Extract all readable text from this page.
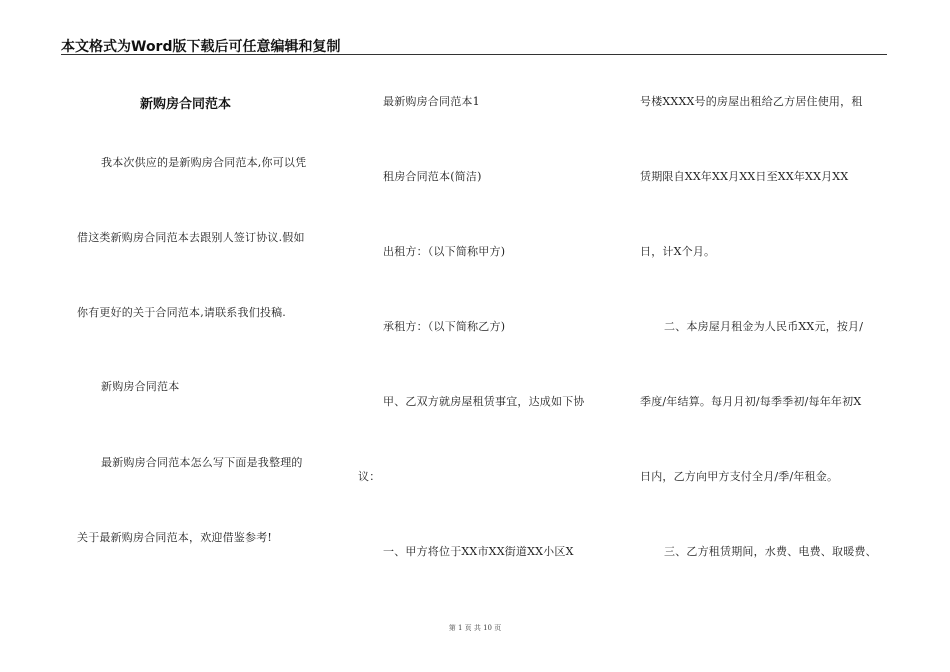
本文格式为Word版下载后可任意编辑和复制
新购房合同范本
我本次供应的是新购房合同范本,你可以凭
借这类新购房合同范本去跟别人签订协议.假如
你有更好的关于合同范本,请联系我们投稿.
新购房合同范本
最新购房合同范本怎么写下面是我整理的
关于最新购房合同范本，欢迎借鉴参考!
最新购房合同范本1
租房合同范本(简洁)
出租方：（以下简称甲方)
承租方：（以下简称乙方)
甲、乙双方就房屋租赁事宜，达成如下协
议：
一、甲方将位于XX市XX街道XX小区X
号楼XXXX号的房屋出租给乙方居住使用，租
赁期限自XX年XX月XX日至XX年XX月XX
日，计X个月。
二、本房屋月租金为人民币XX元，按月/
季度/年结算。每月月初/每季季初/每年年初X
日内，乙方向甲方支付全月/季/年租金。
三、乙方租赁期间，水费、电费、取暖费、
第 1 页 共 10 页
